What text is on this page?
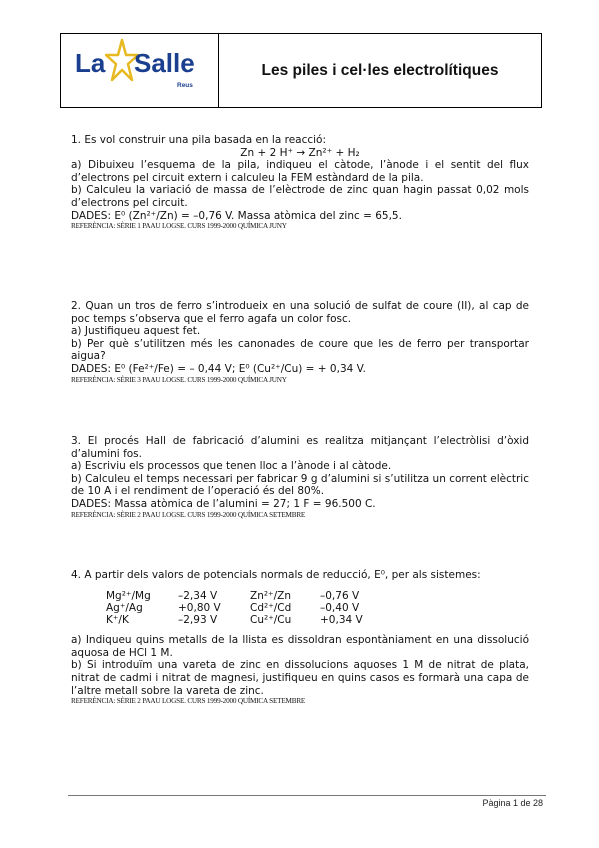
La Salle
Reus
Les piles i cel·les electrolítiques

1. Es vol construir una pila basada en la reacció:

Zn + 2 H⁺ → Zn²⁺ + H₂

a) Dibuixeu l’esquema de la pila, indiqueu el càtode, l’ànode i el sentit del flux d’electrons pel circuit extern i calculeu la FEM estàndard de la pila.

b) Calculeu la variació de massa de l’elèctrode de zinc quan hagin passat 0,02 mols d’electrons pel circuit.

DADES: E⁰ (Zn²⁺/Zn) = –0,76 V. Massa atòmica del zinc = 65,5.

REFERÈNCIA: SÈRIE 1 PAAU LOGSE. CURS 1999-2000 QUÍMICA JUNY

2. Quan un tros de ferro s’introdueix en una solució de sulfat de coure (II), al cap de poc temps s’observa que el ferro agafa un color fosc.

a) Justifiqueu aquest fet.

b) Per què s’utilitzen més les canonades de coure que les de ferro per transportar aigua?

DADES: E⁰ (Fe²⁺/Fe) = – 0,44 V; E⁰ (Cu²⁺/Cu) = + 0,34 V.

REFERÈNCIA: SÈRIE 3 PAAU LOGSE. CURS 1999-2000 QUÍMICA JUNY

3. El procés Hall de fabricació d’alumini es realitza mitjançant l’electròlisi d’òxid d’alumini fos.

a) Escriviu els processos que tenen lloc a l’ànode i al càtode.

b) Calculeu el temps necessari per fabricar 9 g d’alumini si s’utilitza un corrent elèctric de 10 A i el rendiment de l’operació és del 80%.

DADES: Massa atòmica de l’alumini = 27; 1 F = 96.500 C.

REFERÈNCIA: SÈRIE 2 PAAU LOGSE. CURS 1999-2000 QUÍMICA SETEMBRE

4. A partir dels valors de potencials normals de reducció, E⁰, per als sistemes:

Mg²⁺/Mg	–2,34 V	Zn²⁺/Zn	–0,76 V
Ag⁺/Ag	+0,80 V	Cd²⁺/Cd	–0,40 V
K⁺/K	–2,93 V	Cu²⁺/Cu	+0,34 V

a) Indiqueu quins metalls de la llista es dissoldran espontàniament en una dissolució aquosa de HCl 1 M.

b) Si introduïm una vareta de zinc en dissolucions aquoses 1 M de nitrat de plata, nitrat de cadmi i nitrat de magnesi, justifiqueu en quins casos es formarà una capa de l’altre metall sobre la vareta de zinc.

REFERÈNCIA: SÈRIE 2 PAAU LOGSE. CURS 1999-2000 QUÍMICA SETEMBRE

Pàgina 1 de 28
